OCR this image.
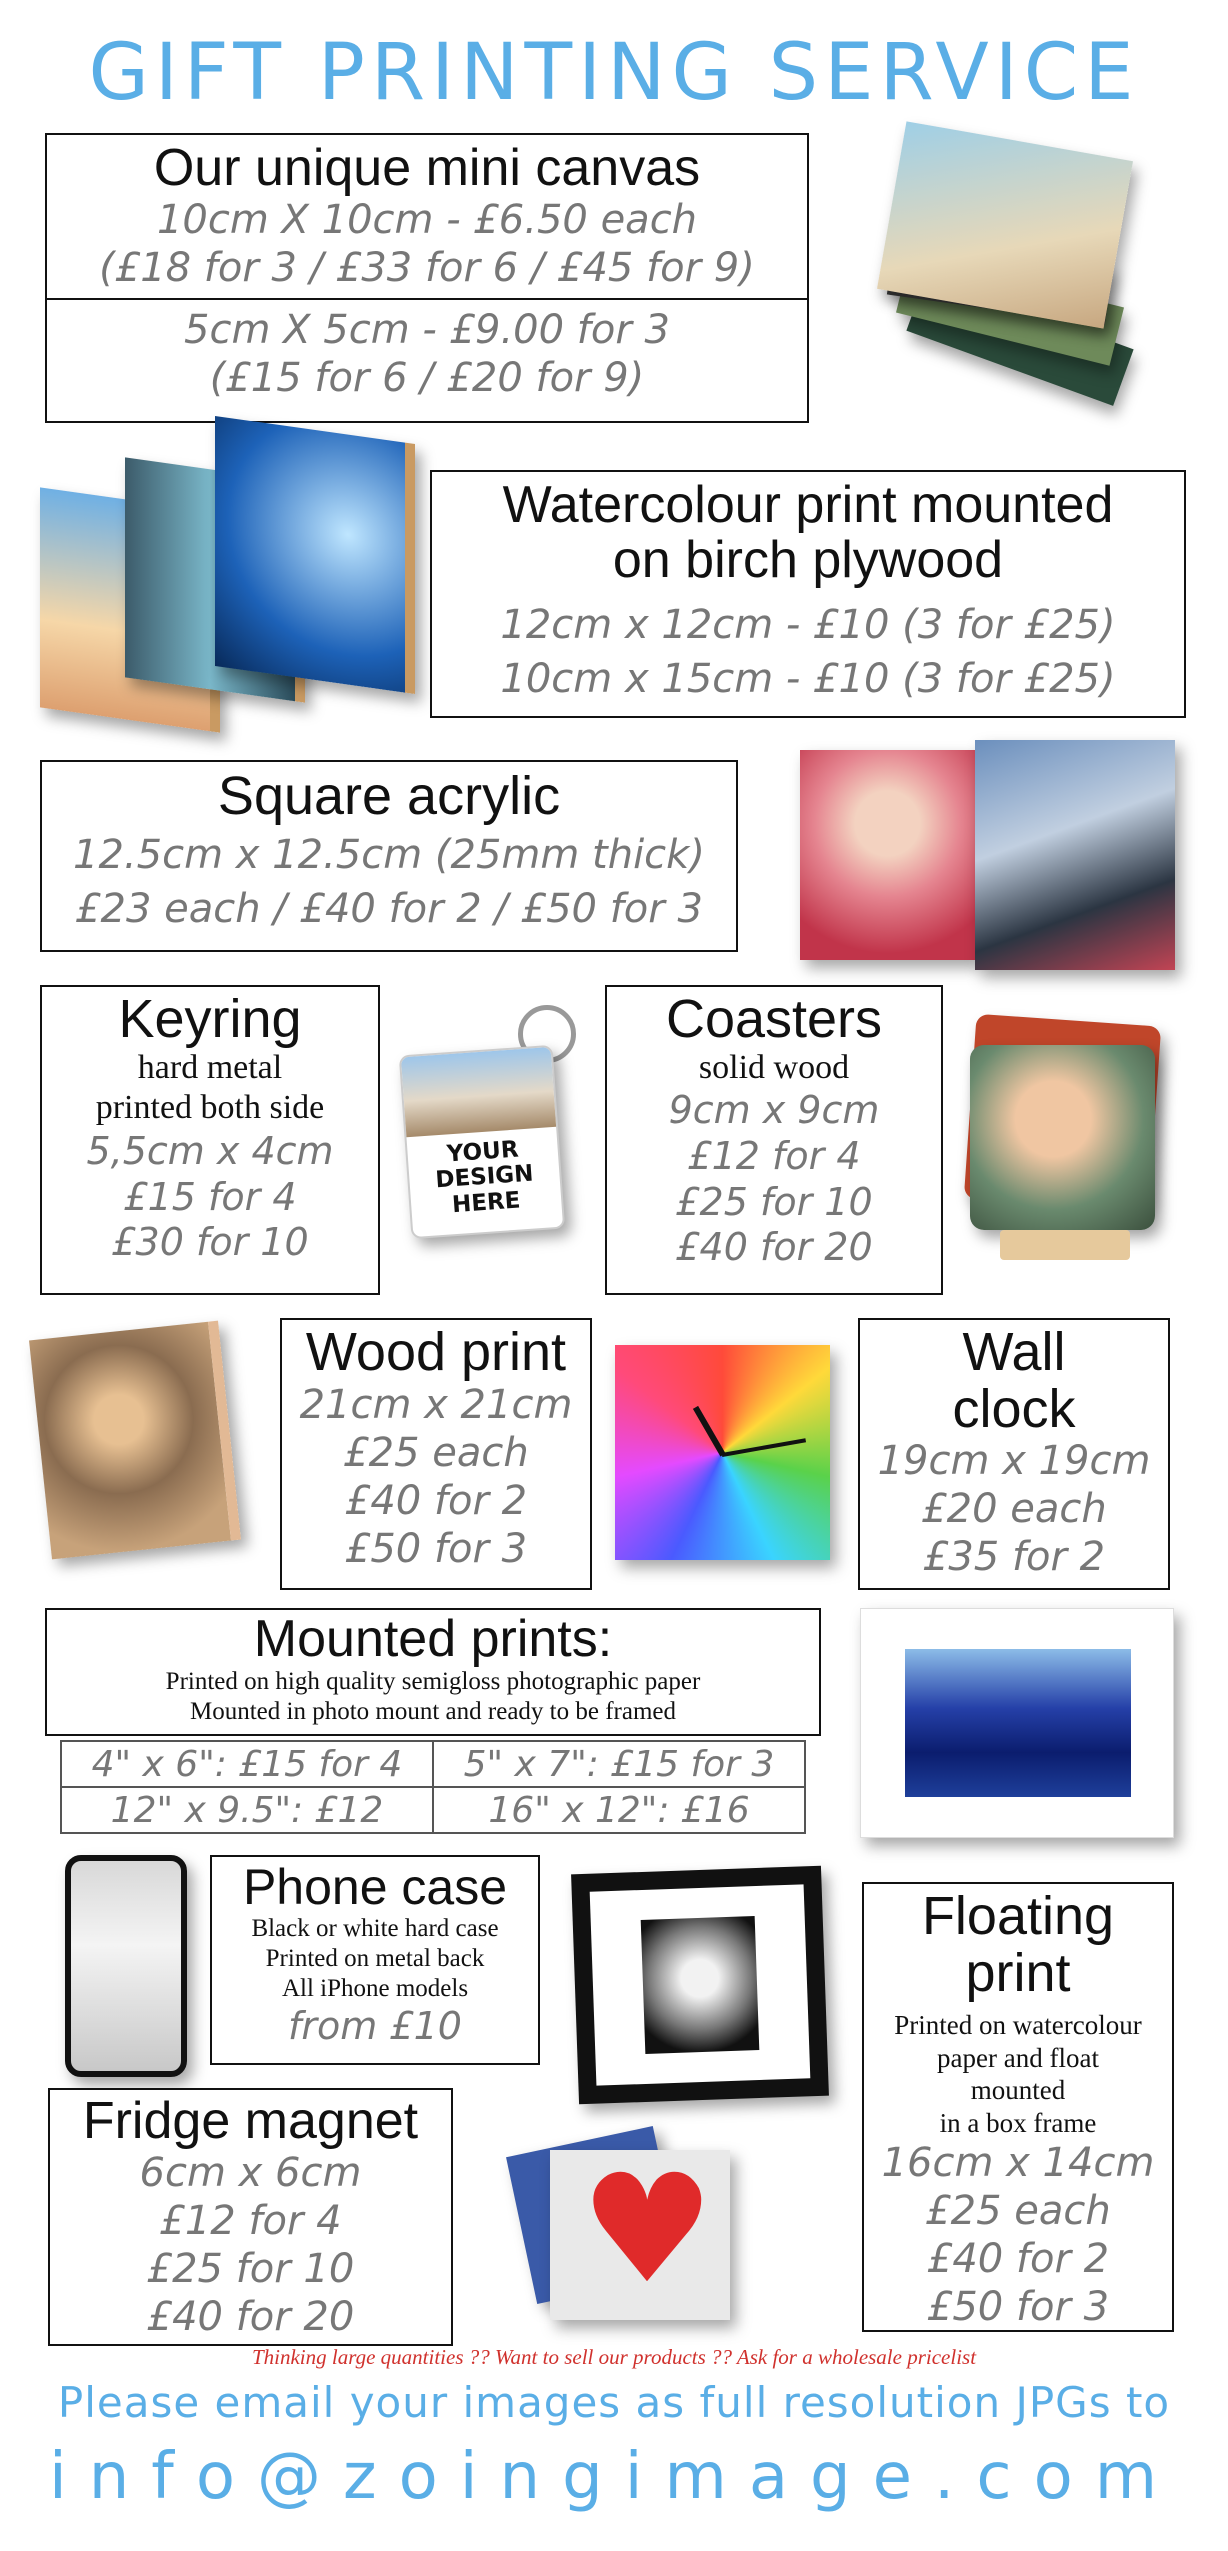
GIFT PRINTING SERVICE
Our unique mini canvas
10cm X 10cm - £6.50 each
(£18 for 3 / £33 for 6 / £45 for 9)
5cm X 5cm - £9.00 for 3
(£15 for 6 / £20 for 9)
Watercolour print mounted
on birch plywood
12cm x 12cm - £10 (3 for £25)
10cm x 15cm - £10 (3 for £25)
Square acrylic
12.5cm x 12.5cm (25mm thick)
£23 each / £40 for 2 / £50 for 3
Keyring
hard metal
printed both side
5,5cm x 4cm
£15 for 4
£30 for 10
YOUR DESIGN HERE
Coasters
solid wood
9cm x 9cm
£12 for 4
£25 for 10
£40 for 20
Wood print
21cm x 21cm
£25 each
£40 for 2
£50 for 3
Wall
clock
19cm x 19cm
£20 each
£35 for 2
Mounted prints:
Printed on high quality semigloss photographic paper
Mounted in photo mount and ready to be framed
4" x 6": £15 for 4	5" x 7": £15 for 3
12" x 9.5": £12	16" x 12": £16
Phone case
Black or white hard case
Printed on metal back
All iPhone models
from £10
Floating
print
Printed on watercolour
paper and float
mounted
in a box frame
16cm x 14cm
£25 each
£40 for 2
£50 for 3
Fridge magnet
6cm x 6cm
£12 for 4
£25 for 10
£40 for 20	♥
Thinking large quantities ?? Want to sell our products ?? Ask for a wholesale pricelist
Please email your images as full resolution JPGs to
info@zoingimage.com
